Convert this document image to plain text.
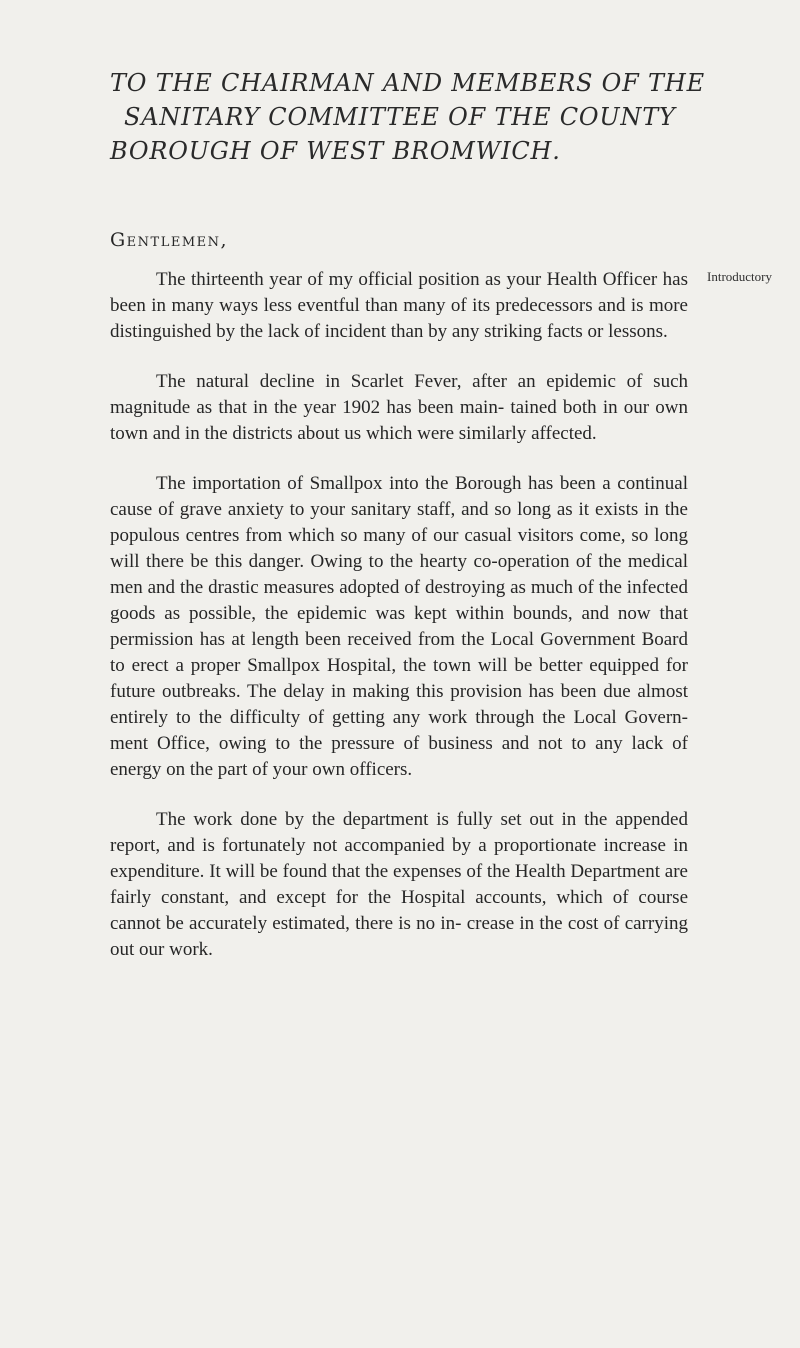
TO THE CHAIRMAN AND MEMBERS OF THE
SANITARY COMMITTEE OF THE COUNTY
BOROUGH OF WEST BROMWICH.
Gentlemen,
Introductory

The thirteenth year of my official position as your Health Officer has been in many ways less eventful than many of its predecessors and is more distinguished by the lack of incident than by any striking facts or lessons.

The natural decline in Scarlet Fever, after an epidemic of such magnitude as that in the year 1902 has been main- tained both in our own town and in the districts about us which were similarly affected.

The importation of Smallpox into the Borough has been a continual cause of grave anxiety to your sanitary staff, and so long as it exists in the populous centres from which so many of our casual visitors come, so long will there be this danger. Owing to the hearty co-operation of the medical men and the drastic measures adopted of destroying as much of the infected goods as possible, the epidemic was kept within bounds, and now that permission has at length been received from the Local Government Board to erect a proper Smallpox Hospital, the town will be better equipped for future outbreaks. The delay in making this provision has been due almost entirely to the difficulty of getting any work through the Local Govern- ment Office, owing to the pressure of business and not to any lack of energy on the part of your own officers.

The work done by the department is fully set out in the appended report, and is fortunately not accompanied by a proportionate increase in expenditure. It will be found that the expenses of the Health Department are fairly constant, and except for the Hospital accounts, which of course cannot be accurately estimated, there is no in- crease in the cost of carrying out our work.
